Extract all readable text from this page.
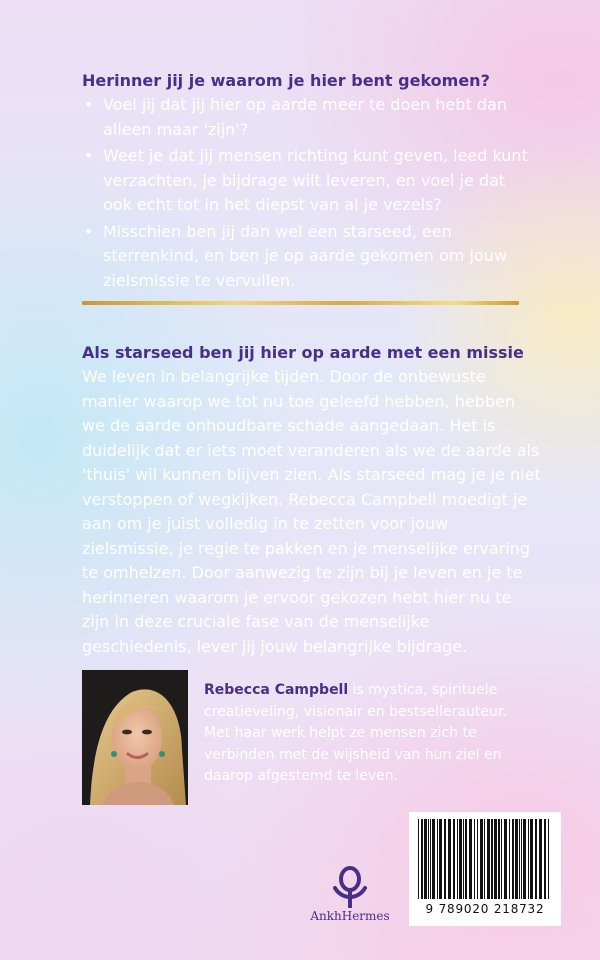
Herinner jij je waarom je hier bent gekomen?
• Voel jij dat jij hier op aarde meer te doen hebt dan alleen maar 'zijn'?
• Weet je dat jij mensen richting kunt geven, leed kunt verzachten, je bijdrage wilt leveren, en voel je dat ook echt tot in het diepst van al je vezels?
• Misschien ben jij dan wel een starseed, een sterrenkind, en ben je op aarde gekomen om jouw zielsmissie te vervullen.
Als starseed ben jij hier op aarde met een missie

We leven in belangrijke tijden. Door de onbewuste manier waarop we tot nu toe geleefd hebben, hebben we de aarde onhoudbare schade aangedaan. Het is duidelijk dat er iets moet veranderen als we de aarde als 'thuis' wil kunnen blijven zien. Als starseed mag je je niet verstoppen of wegkijken. Rebecca Campbell moedigt je aan om je juist volledig in te zetten voor jouw zielsmissie, je regie te pakken en je menselijke ervaring te omhelzen. Door aanwezig te zijn bij je leven en je te herinneren waarom je ervoor gekozen hebt hier nu te zijn in deze cruciale fase van de menselijke geschiedenis, lever jij jouw belangrijke bijdrage.

Rebecca Campbell is mystica, spirituele creatieveling, visionair en bestsellerauteur. Met haar werk helpt ze mensen zich te verbinden met de wijsheid van hun ziel en daarop afgestemd te leven.

AnkhHermes	9 789020 218732
